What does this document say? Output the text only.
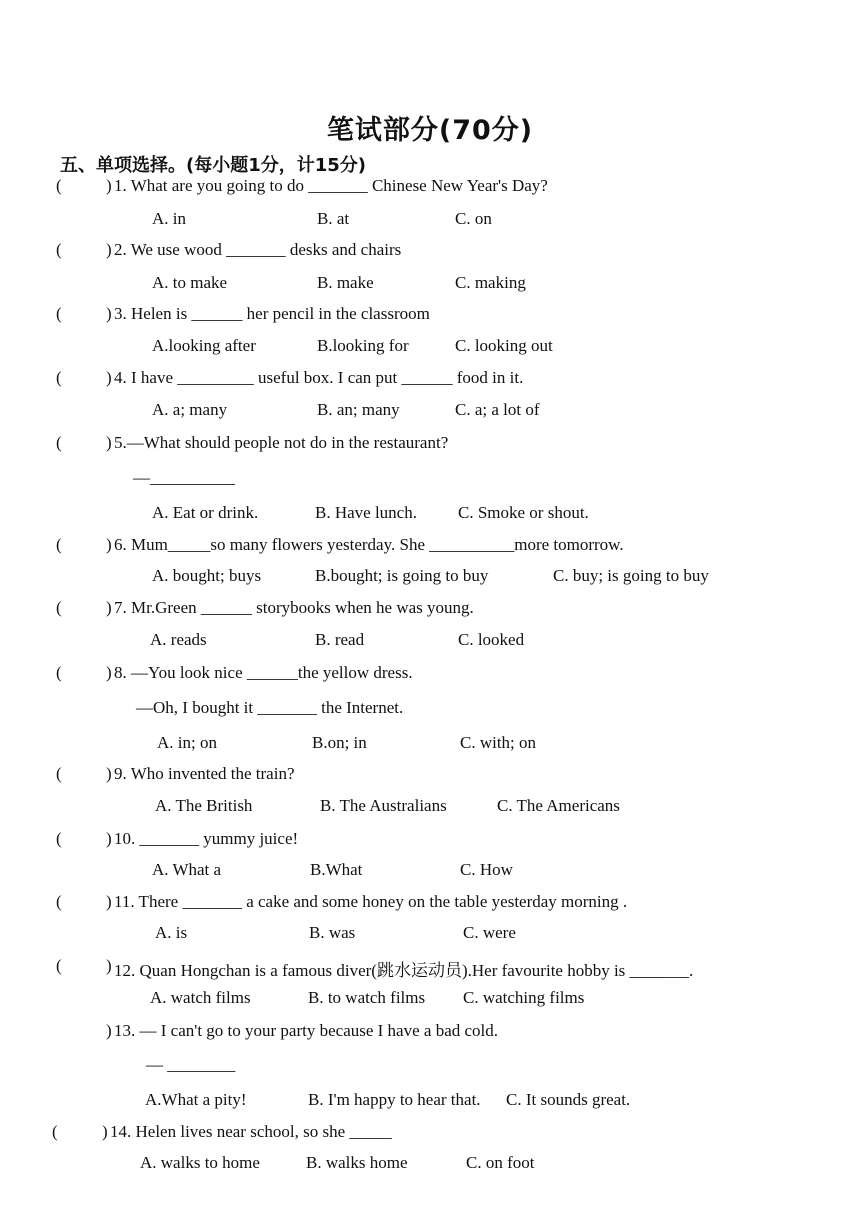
笔试部分(70分)
五、单项选择。(每小题1分，计15分)
(	) 1. What are you going to do _______ Chinese New Year's Day?
A. in	B. at	C. on
(	) 2. We use wood _______ desks and chairs
A. to make	B. make	C. making
(	) 3. Helen is ______ her pencil in the classroom
A.looking after	B.looking for	C. looking out
(	) 4. I have _________ useful box. I can put ______ food in it.
A. a; many	B. an; many	C. a; a lot of
(	) 5.—What should people not do in the restaurant?
—__________
A. Eat or drink.	B. Have lunch. C. Smoke or shout.
(	) 6. Mum_____so many flowers yesterday. She __________more tomorrow.
A. bought; buys	B.bought; is going to buy	C. buy; is going to buy
(	) 7. Mr.Green ______ storybooks when he was young.
A. reads	B. read	C. looked
(	) 8. —You look nice ______the yellow dress.
—Oh, I bought it _______ the Internet.
A. in; on	B.on; in	C. with; on
(	) 9. Who invented the train?
A. The British	B. The Australians	C. The Americans
(	) 10. _______ yummy juice!
A. What a	B.What	C. How
(	) 11. There _______ a cake and some honey on the table yesterday morning .
A. is	B. was	C. were
(	) 12. Quan Hongchan is a famous diver(跳水运动员).Her favourite hobby is _______.
A. watch films	B. to watch films C. watching films
) 13. — I can't go to your party because I have a bad cold.
— ________
A.What a pity!	B. I'm happy to hear that. C. It sounds great.
(	) 14. Helen lives near school, so she _____
A. walks to home	B. walks home	C. on foot
